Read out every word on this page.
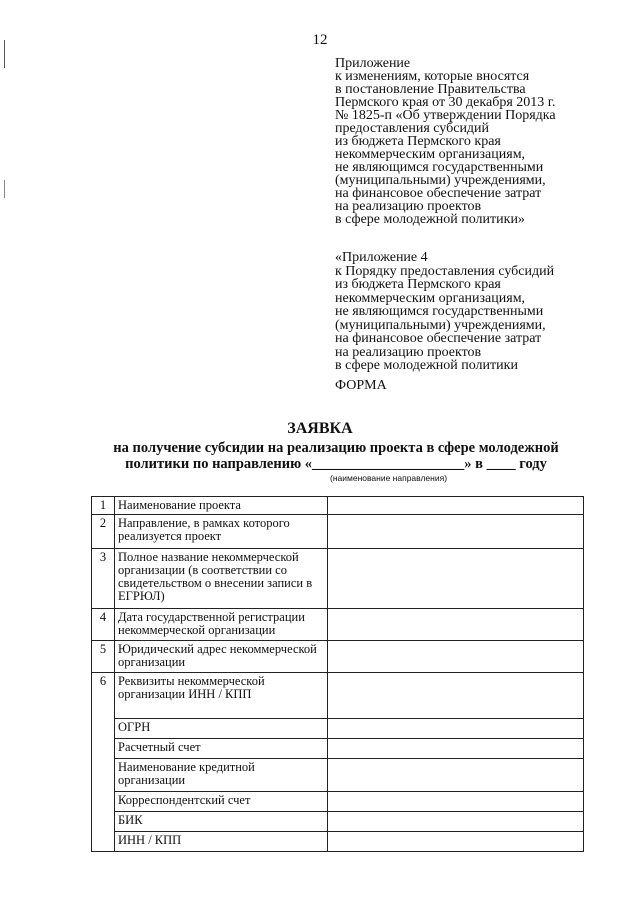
12
Приложение
к изменениям, которые вносятся
в постановление Правительства
Пермского края от 30 декабря 2013 г.
№ 1825-п «Об утверждении Порядка
предоставления субсидий
из бюджета Пермского края
некоммерческим организациям,
не являющимся государственными
(муниципальными) учреждениями,
на финансовое обеспечение затрат
на реализацию проектов
в сфере молодежной политики»
«Приложение 4
к Порядку предоставления субсидий
из бюджета Пермского края
некоммерческим организациям,
не являющимся государственными
(муниципальными) учреждениями,
на финансовое обеспечение затрат
на реализацию проектов
в сфере молодежной политики
ФОРМА
ЗАЯВКА
на получение субсидии на реализацию проекта в сфере молодежной
политики по направлению «_____________________» в ____ году
(наименование направления)
1	Наименование проекта	
2	Направление, в рамках которого реализуется проект	
3	Полное название некоммерческой организации (в соответствии со свидетельством о внесении записи в ЕГРЮЛ)	
4	Дата государственной регистрации некоммерческой организации	
5	Юридический адрес некоммерческой организации	
6	Реквизиты некоммерческой организации ИНН / КПП	
	ОГРН	
	Расчетный счет	
	Наименование кредитной организации	
	Корреспондентский счет	
	БИК	
	ИНН / КПП	
